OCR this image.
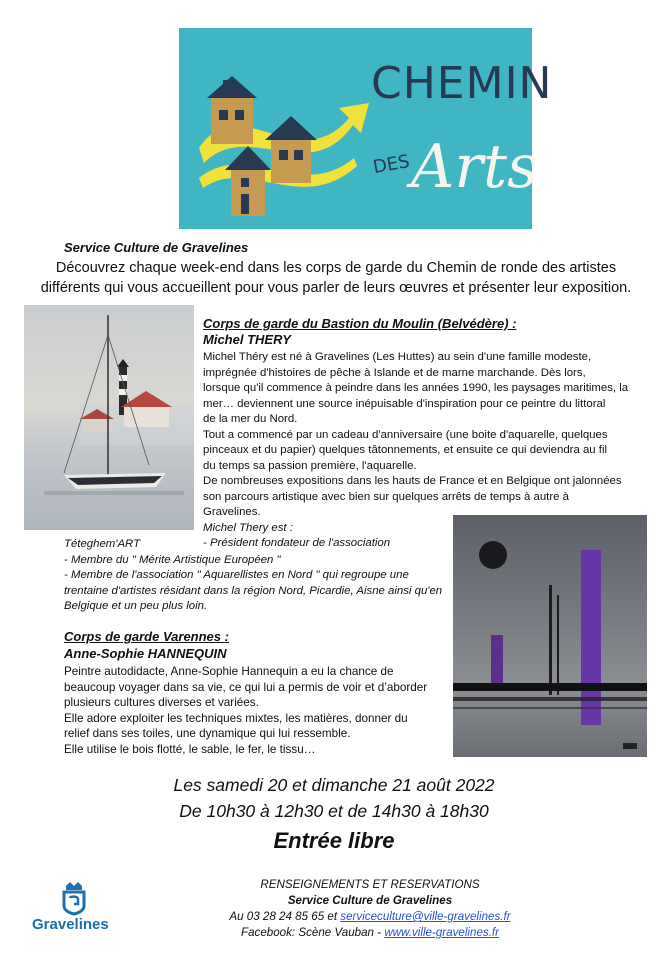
CHEMIN
DES Arts
Service Culture de Gravelines
Découvrez chaque week-end dans les corps de garde du Chemin de ronde des artistes
différents qui vous accueillent pour vous parler de leurs œuvres et présenter leur exposition.
Corps de garde du Bastion du Moulin (Belvédère) :
Michel THERY

Michel Théry est né à Gravelines (Les Huttes) au sein d'une famille modeste,

imprégnée d'histoires de pêche à Islande et de marne marchande. Dès lors,

lorsque qu'il commence à peindre dans les années 1990, les paysages maritimes, la

mer… deviennent une source inépuisable d'inspiration pour ce peintre du littoral

de la mer du Nord.

Tout a commencé par un cadeau d'anniversaire (une boite d'aquarelle, quelques

pinceaux et du papier) quelques tâtonnements, et ensuite ce qui deviendra au fil

du temps sa passion première, l'aquarelle.

De nombreuses expositions dans les hauts de France et en Belgique ont jalonnées

son parcours artistique avec bien sur quelques arrêts de temps à autre à

Gravelines.

Michel Thery est :

- Président fondateur de l'association

Téteghem'ART

- Membre du " Mérite Artistique Européen "

- Membre de l'association " Aquarellistes en Nord " qui regroupe une

trentaine d'artistes résidant dans la région Nord, Picardie, Aisne ainsi qu'en

Belgique et un peu plus loin.

Corps de garde Varennes :
Anne-Sophie HANNEQUIN

Peintre autodidacte, Anne-Sophie Hannequin a eu la chance de

beaucoup voyager dans sa vie, ce qui lui a permis de voir et d’aborder

plusieurs cultures diverses et variées.

Elle adore exploiter les techniques mixtes, les matières, donner du

relief dans ses toiles, une dynamique qui lui ressemble.

Elle utilise le bois flotté, le sable, le fer, le tissu…

Les samedi 20 et dimanche 21 août 2022
De 10h30 à 12h30 et de 14h30 à 18h30
Entrée libre
Gravelines
RENSEIGNEMENTS ET RESERVATIONS
Service Culture de Gravelines
Au 03 28 24 85 65 et serviceculture@ville-gravelines.fr
Facebook: Scène Vauban - www.ville-gravelines.fr
